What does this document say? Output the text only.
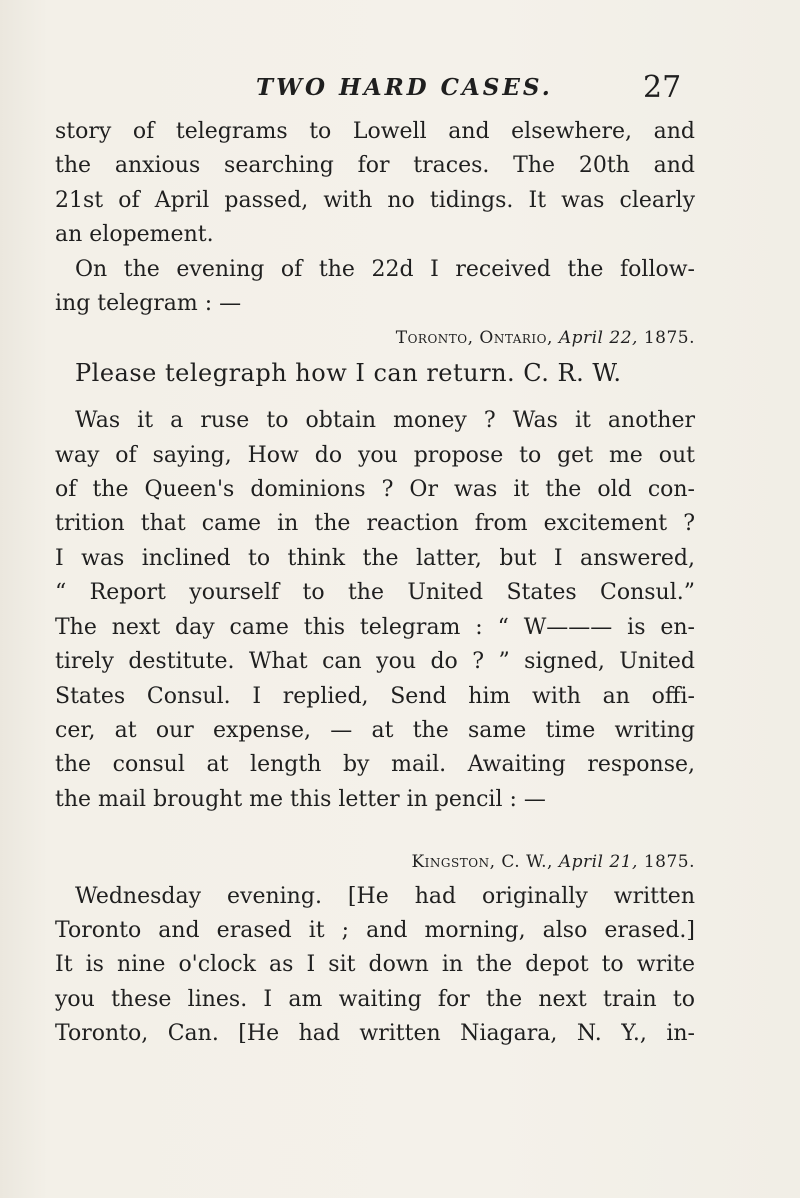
TWO HARD CASES.	27
story of telegrams to Lowell and elsewhere, and
the anxious searching for traces. The 20th and
21st of April passed, with no tidings. It was clearly
an elopement.
On the evening of the 22d I received the follow-
ing telegram : —
Toronto, Ontario, April 22, 1875.
Please telegraph how I can return. C. R. W.
Was it a ruse to obtain money ? Was it another
way of saying, How do you propose to get me out
of the Queen's dominions ? Or was it the old con-
trition that came in the reaction from excitement ?
I was inclined to think the latter, but I answered,
“ Report yourself to the United States Consul.”
The next day came this telegram : “ W——— is en-
tirely destitute. What can you do ? ” signed, United
States Consul. I replied, Send him with an offi-
cer, at our expense, — at the same time writing
the consul at length by mail. Awaiting response,
the mail brought me this letter in pencil : —
Kingston, C. W., April 21, 1875.
Wednesday evening. [He had originally written
Toronto and erased it ; and morning, also erased.]
It is nine o'clock as I sit down in the depot to write
you these lines. I am waiting for the next train to
Toronto, Can. [He had written Niagara, N. Y., in-
